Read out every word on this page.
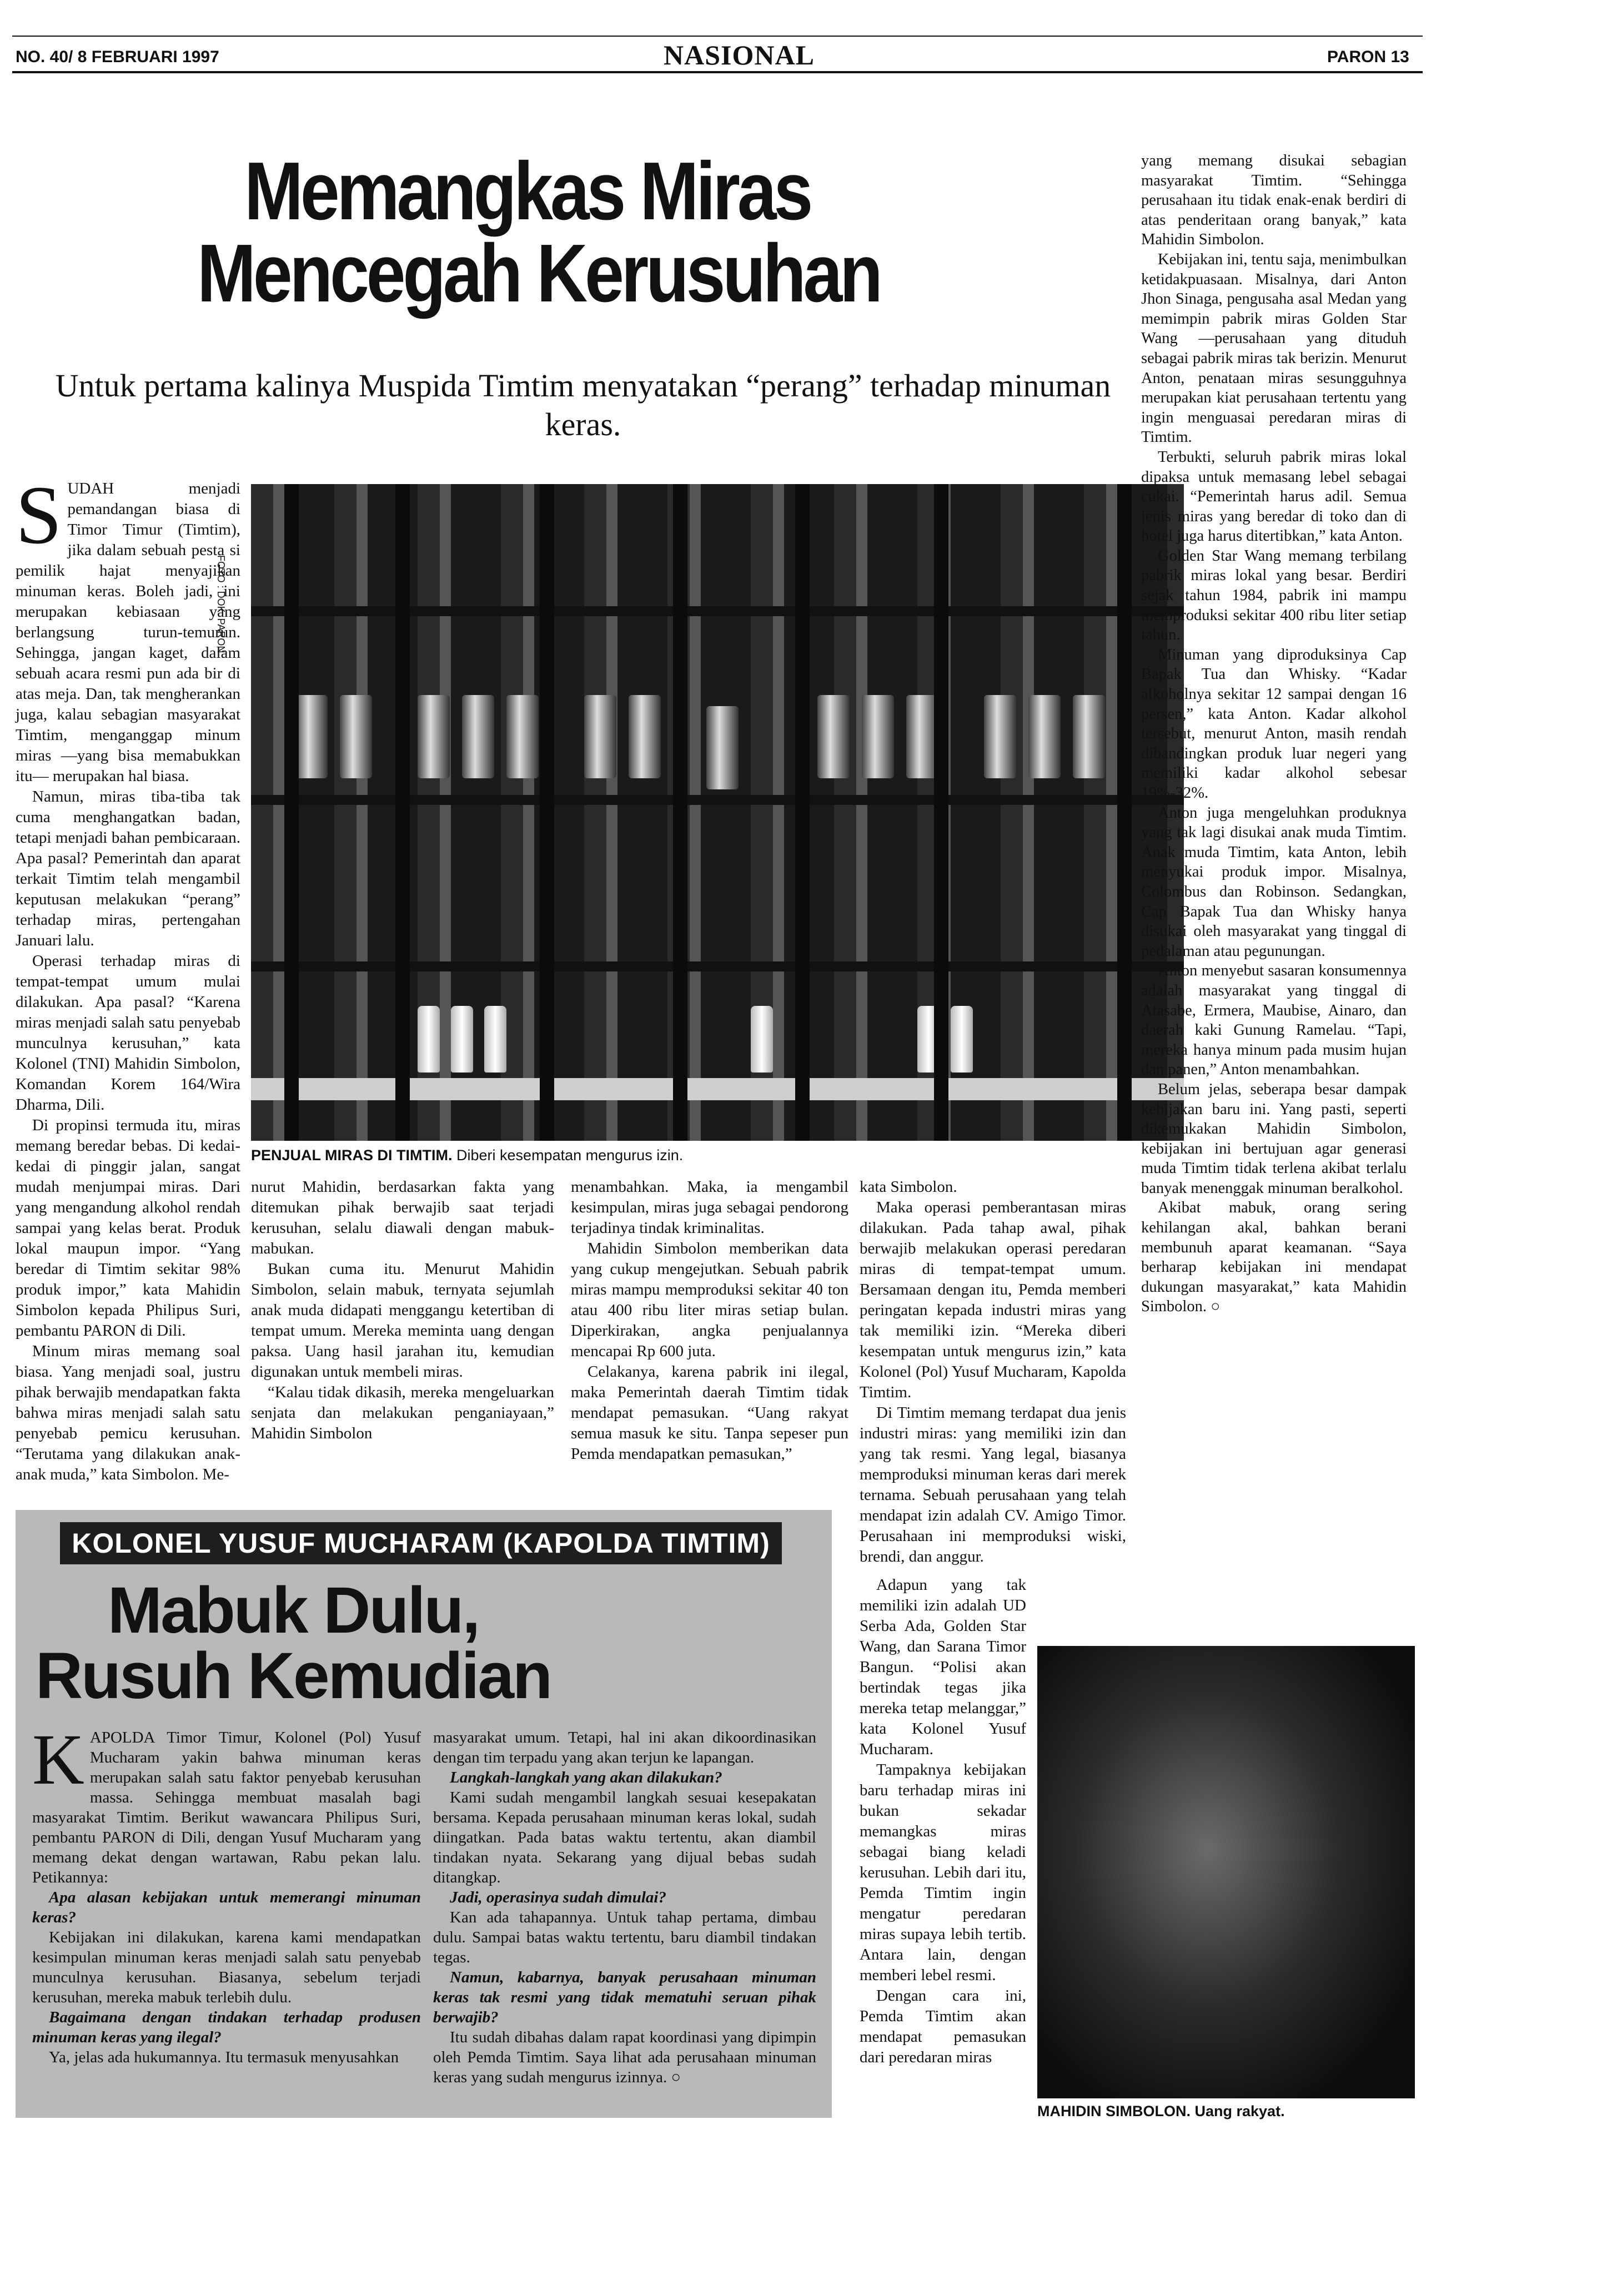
NO. 40/ 8 FEBRUARI 1997	NASIONAL	PARON 13
Memangkas Miras
Mencegah Kerusuhan
Untuk pertama kalinya Muspida Timtim menyatakan “perang” terhadap minuman keras.
FOTO : DOK. PARON
PENJUAL MIRAS DI TIMTIM. Diberi kesempatan mengurus izin.
S UDAH menjadi pemandangan biasa di Timor Timur (Timtim), jika dalam sebuah pesta si pemilik hajat menyajikan minuman keras. Boleh jadi, ini merupakan kebiasaan yang berlangsung turun-temurun. Sehingga, jangan kaget, dalam sebuah acara resmi pun ada bir di atas meja. Dan, tak mengherankan juga, kalau sebagian masyarakat Timtim, menganggap minum miras —yang bisa memabukkan itu— merupakan hal biasa.

Namun, miras tiba-tiba tak cuma menghangatkan badan, tetapi menjadi bahan pembicaraan. Apa pasal? Pemerintah dan aparat terkait Timtim telah mengambil keputusan melakukan “perang” terhadap miras, pertengahan Januari lalu.

Operasi terhadap miras di tempat-tempat umum mulai dilakukan. Apa pasal? “Karena miras menjadi salah satu penyebab munculnya kerusuhan,” kata Kolonel (TNI) Mahidin Simbolon, Komandan Korem 164/Wira Dharma, Dili.

Di propinsi termuda itu, miras memang beredar bebas. Di kedai-kedai di pinggir jalan, sangat mudah menjumpai miras. Dari yang mengandung alkohol rendah sampai yang kelas berat. Produk lokal maupun impor. “Yang beredar di Timtim sekitar 98% produk impor,” kata Mahidin Simbolon kepada Philipus Suri, pembantu PARON di Dili.

Minum miras memang soal biasa. Yang menjadi soal, justru pihak berwajib mendapatkan fakta bahwa miras menjadi salah satu penyebab pemicu kerusuhan. “Terutama yang dilakukan anak-anak muda,” kata Simbolon. Me-

nurut Mahidin, berdasarkan fakta yang ditemukan pihak berwajib saat terjadi kerusuhan, selalu diawali dengan mabuk-mabukan.

Bukan cuma itu. Menurut Mahidin Simbolon, selain mabuk, ternyata sejumlah anak muda didapati menggangu ketertiban di tempat umum. Mereka meminta uang dengan paksa. Uang hasil jarahan itu, kemudian digunakan untuk membeli miras.

“Kalau tidak dikasih, mereka mengeluarkan senjata dan melakukan penganiayaan,” Mahidin Simbolon

menambahkan. Maka, ia mengambil kesimpulan, miras juga sebagai pendorong terjadinya tindak kriminalitas.

Mahidin Simbolon memberikan data yang cukup mengejutkan. Sebuah pabrik miras mampu memproduksi sekitar 40 ton atau 400 ribu liter miras setiap bulan. Diperkirakan, angka penjualannya mencapai Rp 600 juta.

Celakanya, karena pabrik ini ilegal, maka Pemerintah daerah Timtim tidak mendapat pemasukan. “Uang rakyat semua masuk ke situ. Tanpa sepeser pun Pemda mendapatkan pemasukan,”

kata Simbolon.

Maka operasi pemberantasan miras dilakukan. Pada tahap awal, pihak berwajib melakukan operasi peredaran miras di tempat-tempat umum. Bersamaan dengan itu, Pemda memberi peringatan kepada industri miras yang tak memiliki izin. “Mereka diberi kesempatan untuk mengurus izin,” kata Kolonel (Pol) Yusuf Mucharam, Kapolda Timtim.

Di Timtim memang terdapat dua jenis industri miras: yang memiliki izin dan yang tak resmi. Yang legal, biasanya memproduksi minuman keras dari merek ternama. Sebuah perusahaan yang telah mendapat izin adalah CV. Amigo Timor. Perusahaan ini memproduksi wiski, brendi, dan anggur.

Adapun yang tak memiliki izin adalah UD Serba Ada, Golden Star Wang, dan Sarana Timor Bangun. “Polisi akan bertindak tegas jika mereka tetap melanggar,” kata Kolonel Yusuf Mucharam.

Tampaknya kebijakan baru terhadap miras ini bukan sekadar memangkas miras sebagai biang keladi kerusuhan. Lebih dari itu, Pemda Timtim ingin mengatur peredaran miras supaya lebih tertib. Antara lain, dengan memberi lebel resmi.

Dengan cara ini, Pemda Timtim akan mendapat pemasukan dari peredaran miras

yang memang disukai sebagian masyarakat Timtim. “Sehingga perusahaan itu tidak enak-enak berdiri di atas penderitaan orang banyak,” kata Mahidin Simbolon.

Kebijakan ini, tentu saja, menimbulkan ketidakpuasaan. Misalnya, dari Anton Jhon Sinaga, pengusaha asal Medan yang memimpin pabrik miras Golden Star Wang —perusahaan yang dituduh sebagai pabrik miras tak berizin. Menurut Anton, penataan miras sesungguhnya merupakan kiat perusahaan tertentu yang ingin menguasai peredaran miras di Timtim.

Terbukti, seluruh pabrik miras lokal dipaksa untuk memasang lebel sebagai cukai. “Pemerintah harus adil. Semua jenis miras yang beredar di toko dan di hotel juga harus ditertibkan,” kata Anton.

Golden Star Wang memang terbilang pabrik miras lokal yang besar. Berdiri sejak tahun 1984, pabrik ini mampu memproduksi sekitar 400 ribu liter setiap tahun.

Minuman yang diproduksinya Cap Bapak Tua dan Whisky. “Kadar alkoholnya sekitar 12 sampai dengan 16 persen,” kata Anton. Kadar alkohol tersebut, menurut Anton, masih rendah dibandingkan produk luar negeri yang memiliki kadar alkohol sebesar 19%-32%.

Anton juga mengeluhkan produknya yang tak lagi disukai anak muda Timtim. Anak muda Timtim, kata Anton, lebih menyukai produk impor. Misalnya, Colombus dan Robinson. Sedangkan, Cap Bapak Tua dan Whisky hanya disukai oleh masyarakat yang tinggal di pedalaman atau pegunungan.

Anton menyebut sasaran konsumennya adalah masyarakat yang tinggal di Atasabe, Ermera, Maubise, Ainaro, dan daerah kaki Gunung Ramelau. “Tapi, mereka hanya minum pada musim hujan dan panen,” Anton menambahkan.

Belum jelas, seberapa besar dampak kebijakan baru ini. Yang pasti, seperti dikemukakan Mahidin Simbolon, kebijakan ini bertujuan agar generasi muda Timtim tidak terlena akibat terlalu banyak menenggak minuman beralkohol.

Akibat mabuk, orang sering kehilangan akal, bahkan berani membunuh aparat keamanan. “Saya berharap kebijakan ini mendapat dukungan masyarakat,” kata Mahidin Simbolon. ○

MAHIDIN SIMBOLON. Uang rakyat.
KOLONEL YUSUF MUCHARAM (KAPOLDA TIMTIM)
Mabuk Dulu,
Rusuh Kemudian
K APOLDA Timor Timur, Kolonel (Pol) Yusuf Mucharam yakin bahwa minuman keras merupakan salah satu faktor penyebab kerusuhan massa. Sehingga membuat masalah bagi masyarakat Timtim. Berikut wawancara Philipus Suri, pembantu PARON di Dili, dengan Yusuf Mucharam yang memang dekat dengan wartawan, Rabu pekan lalu. Petikannya:

Apa alasan kebijakan untuk memerangi minuman keras?

Kebijakan ini dilakukan, karena kami mendapatkan kesimpulan minuman keras menjadi salah satu penyebab munculnya kerusuhan. Biasanya, sebelum terjadi kerusuhan, mereka mabuk terlebih dulu.

Bagaimana dengan tindakan terhadap produsen minuman keras yang ilegal?

Ya, jelas ada hukumannya. Itu termasuk menyusahkan

masyarakat umum. Tetapi, hal ini akan dikoordinasikan dengan tim terpadu yang akan terjun ke lapangan.

Langkah-langkah yang akan dilakukan?

Kami sudah mengambil langkah sesuai kesepakatan bersama. Kepada perusahaan minuman keras lokal, sudah diingatkan. Pada batas waktu tertentu, akan diambil tindakan nyata. Sekarang yang dijual bebas sudah ditangkap.

Jadi, operasinya sudah dimulai?

Kan ada tahapannya. Untuk tahap pertama, dimbau dulu. Sampai batas waktu tertentu, baru diambil tindakan tegas.

Namun, kabarnya, banyak perusahaan minuman keras tak resmi yang tidak mematuhi seruan pihak berwajib?

Itu sudah dibahas dalam rapat koordinasi yang dipimpin oleh Pemda Timtim. Saya lihat ada perusahaan minuman keras yang sudah mengurus izinnya. ○
